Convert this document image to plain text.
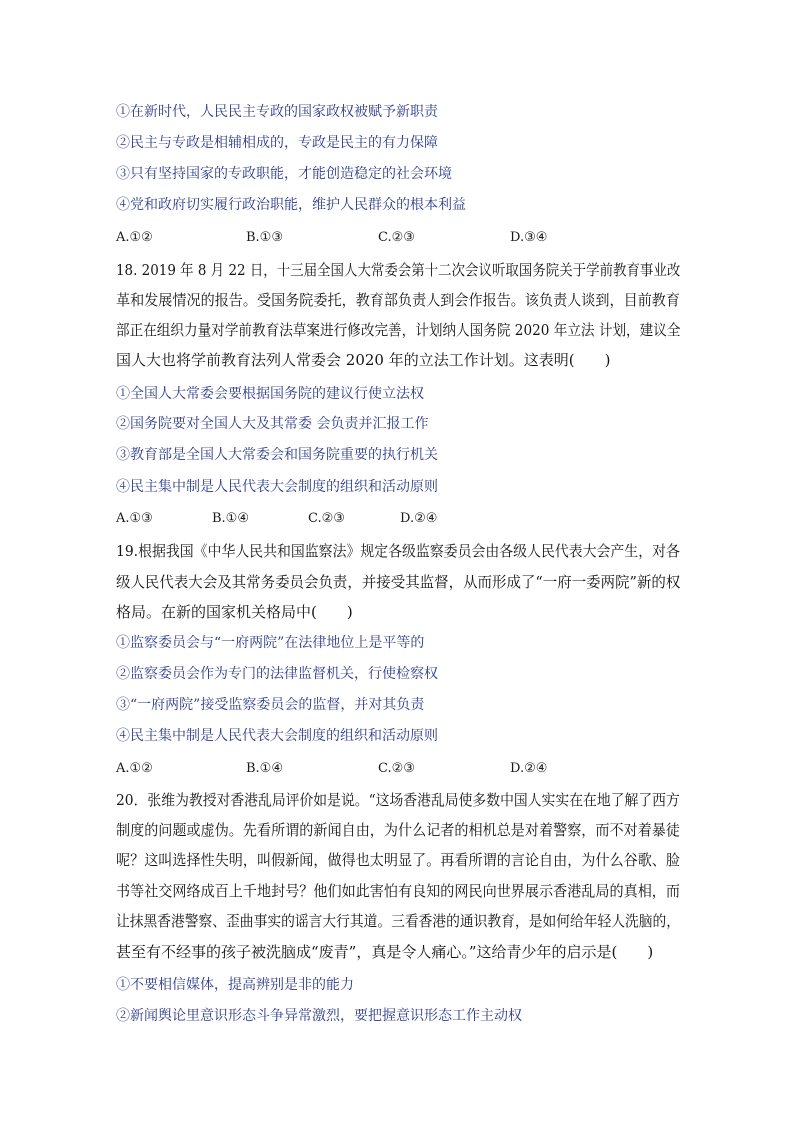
①在新时代，人民民主专政的国家政权被赋予新职责
②民主与专政是相辅相成的，专政是民主的有力保障
③只有坚持国家的专政职能，才能创造稳定的社会环境
④党和政府切实履行政治职能，维护人民群众的根本利益
A.①②	B.①③	C.②③	D.③④
18. 2019 年 8 月 22 日，十三届全国人大常委会第十二次会议听取国务院关于学前教育事业改
革和发展情况的报告。受国务院委托，教育部负责人到会作报告。该负责人谈到，目前教育
部正在组织力量对学前教育法草案进行修改完善，计划纳人国务院 2020 年立法 计划，建议全
国人大也将学前教育法列人常委会 2020 年的立法工作计划。这表明(　　)
①全国人大常委会要根据国务院的建议行使立法权
②国务院要对全国人大及其常委 会负责并汇报工作
③教育部是全国人大常委会和国务院重要的执行机关
④民主集中制是人民代表大会制度的组织和活动原则
A.①③	B.①④	C.②③	D.②④
19.根据我国《中华人民共和国监察法》规定各级监察委员会由各级人民代表大会产生，对各
级人民代表大会及其常务委员会负责，并接受其监督，从而形成了“一府一委两院”新的权
格局。在新的国家机关格局中(　　)
①监察委员会与“一府两院”在法律地位上是平等的
②监察委员会作为专门的法律监督机关，行使检察权
③“一府两院”接受监察委员会的监督，并对其负责
④民主集中制是人民代表大会制度的组织和活动原则
A.①②	B.①④	C.②③	D.②④
20．张维为教授对香港乱局评价如是说。“这场香港乱局使多数中国人实实在在地了解了西方
制度的问题或虚伪。先看所谓的新闻自由，为什么记者的相机总是对着警察，而不对着暴徒
呢？这叫选择性失明，叫假新闻，做得也太明显了。再看所谓的言论自由，为什么谷歌、脸
书等社交网络成百上千地封号？他们如此害怕有良知的网民向世界展示香港乱局的真相，而
让抹黑香港警察、歪曲事实的谣言大行其道。三看香港的通识教育，是如何给年轻人洗脑的，
甚至有不经事的孩子被洗脑成“废青”，真是令人痛心。”这给青少年的启示是(　　)
①不要相信媒体，提高辨别是非的能力
②新闻舆论里意识形态斗争异常激烈，要把握意识形态工作主动权
